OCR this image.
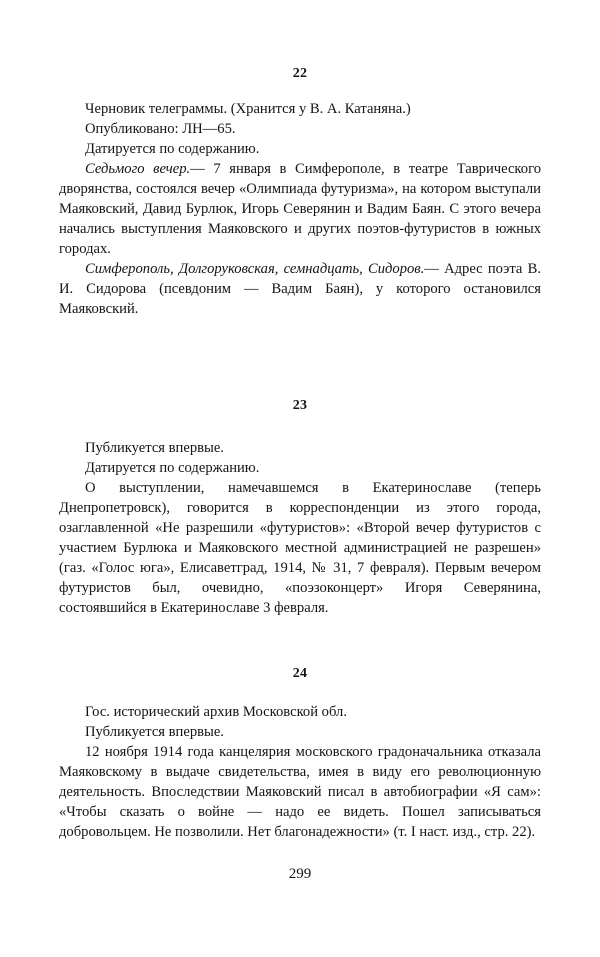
22

Черновик телеграммы. (Хранится у В. А. Катаняна.)

Опубликовано: ЛН—65.

Датируется по содержанию.

Седьмого вечер.— 7 января в Симферополе, в театре Таврического дворянства, состоялся вечер «Олимпиада футуризма», на котором выступали Маяковский, Давид Бурлюк, Игорь Северянин и Вадим Баян. С этого вечера начались выступления Маяковского и других поэтов-футуристов в южных городах.

Симферополь, Долгоруковская, семнадцать, Сидоров.— Адрес поэта В. И. Сидорова (псевдоним — Вадим Баян), у которого остановился Маяковский.

23

Публикуется впервые.

Датируется по содержанию.

О выступлении, намечавшемся в Екатеринославе (теперь Днепропетровск), говорится в корреспонденции из этого города, озаглавленной «Не разрешили «футуристов»: «Второй вечер футуристов с участием Бурлюка и Маяковского местной администрацией не разрешен» (газ. «Голос юга», Елисаветград, 1914, № 31, 7 февраля). Первым вечером футуристов был, очевидно, «поэзоконцерт» Игоря Северянина, состоявшийся в Екатеринославе 3 февраля.

24

Гос. исторический архив Московской обл.

Публикуется впервые.

12 ноября 1914 года канцелярия московского градоначальника отказала Маяковскому в выдаче свидетельства, имея в виду его революционную деятельность. Впоследствии Маяковский писал в автобиографии «Я сам»: «Чтобы сказать о войне — надо ее видеть. Пошел записываться добровольцем. Не позволили. Нет благонадежности» (т. I наст. изд., стр. 22).

299
